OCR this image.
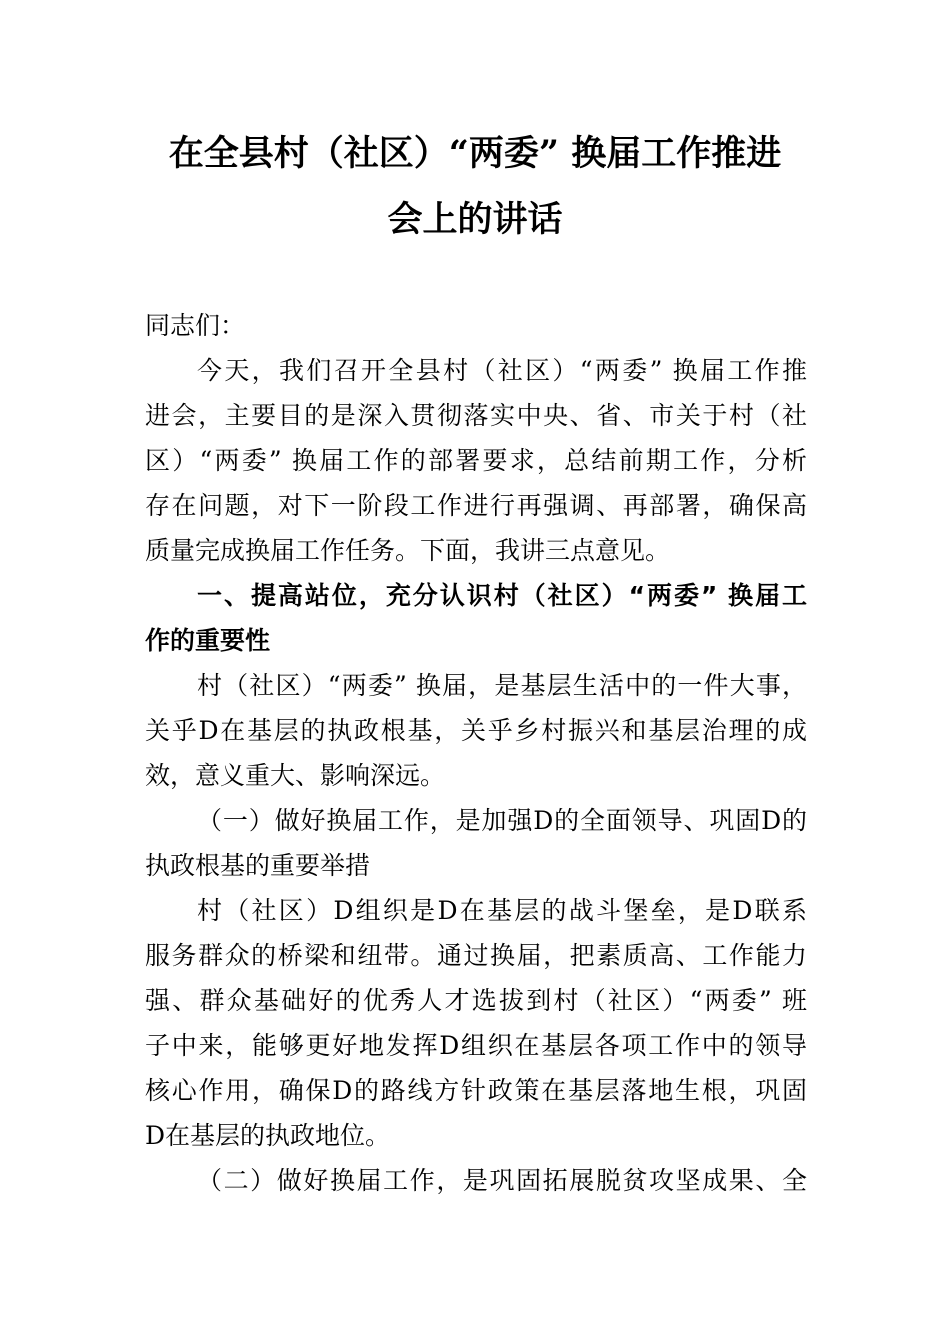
在全县村（社区）“两委” 换届工作推进
会上的讲话
同志们：
今天，我们召开全县村（社区）“两委” 换届工作推
进会，主要目的是深入贯彻落实中央、省、市关于村（社
区）“两委” 换届工作的部署要求，总结前期工作，分析
存在问题，对下一阶段工作进行再强调、再部署，确保高
质量完成换届工作任务。下面，我讲三点意见。
一、提高站位，充分认识村（社区）“两委” 换届工
作的重要性
村（社区）“两委” 换届，是基层生活中的一件大事，
关乎D在基层的执政根基，关乎乡村振兴和基层治理的成
效，意义重大、影响深远。
（一）做好换届工作，是加强D的全面领导、巩固D的
执政根基的重要举措
村（社区）D组织是D在基层的战斗堡垒，是D联系
服务群众的桥梁和纽带。通过换届，把素质高、工作能力
强、群众基础好的优秀人才选拔到村（社区）“两委” 班
子中来，能够更好地发挥D组织在基层各项工作中的领导
核心作用，确保D的路线方针政策在基层落地生根，巩固
D在基层的执政地位。
（二）做好换届工作，是巩固拓展脱贫攻坚成果、全
